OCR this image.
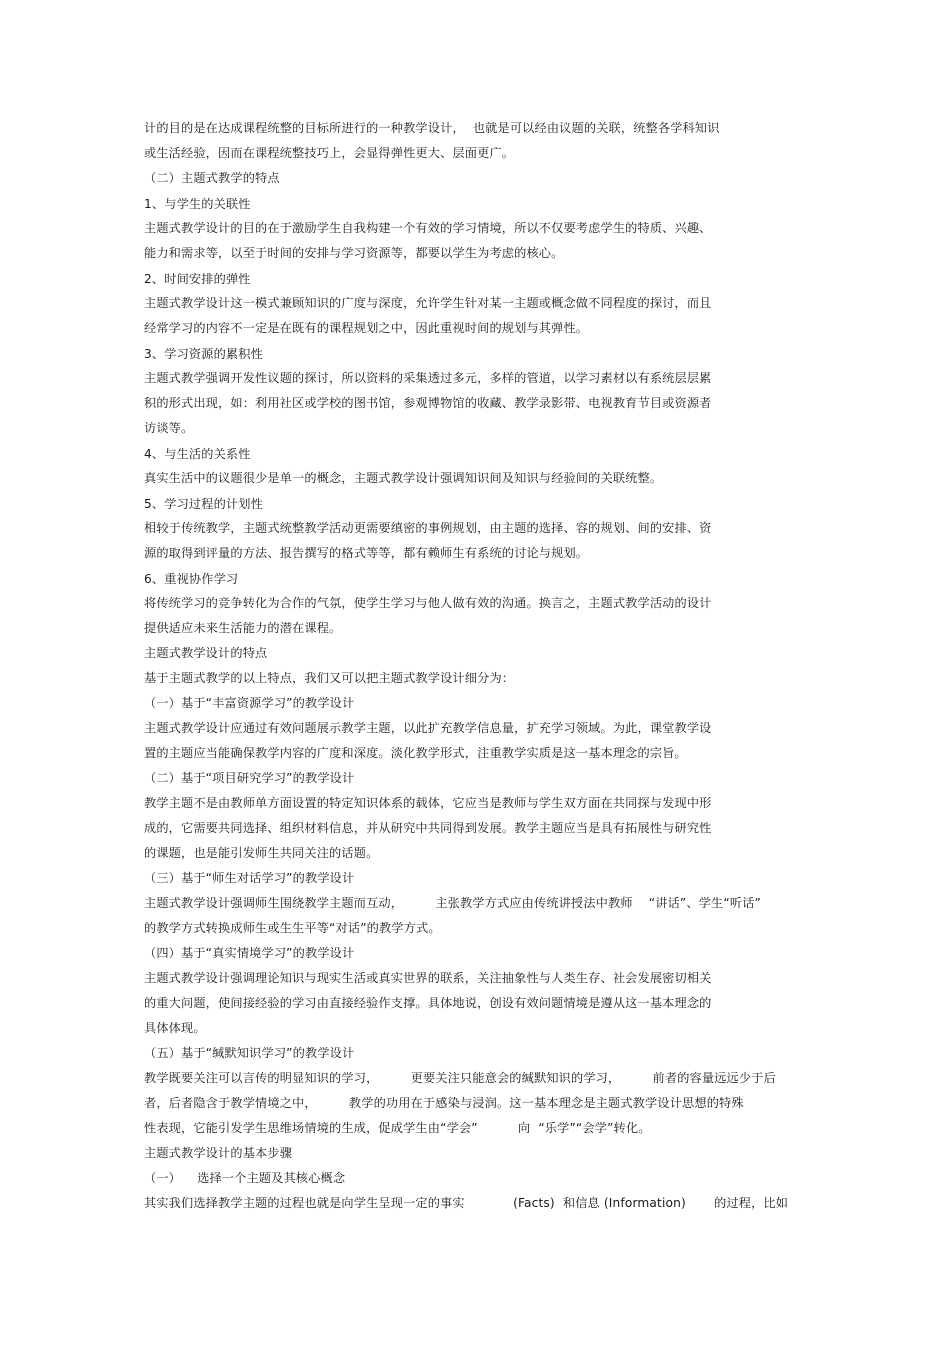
计的目的是在达成课程统整的目标所进行的一种教学设计，  也就是可以经由议题的关联，统整各学科知识
或生活经验，因而在课程统整技巧上，会显得弹性更大、层面更广。
（二）主题式教学的特点
1、与学生的关联性
主题式教学设计的目的在于激励学生自我构建一个有效的学习情境，所以不仅要考虑学生的特质、兴趣、
能力和需求等，以至于时间的安排与学习资源等，都要以学生为考虑的核心。
2、时间安排的弹性
主题式教学设计这一模式兼顾知识的广度与深度，允许学生针对某一主题或概念做不同程度的探讨，而且
经常学习的内容不一定是在既有的课程规划之中，因此重视时间的规划与其弹性。
3、学习资源的累积性
主题式教学强调开发性议题的探讨，所以资料的采集透过多元，多样的管道，以学习素材以有系统层层累
积的形式出现，如：利用社区或学校的图书馆，参观博物馆的收藏、教学录影带、电视教育节目或资源者
访谈等。
4、与生活的关系性
真实生活中的议题很少是单一的概念，主题式教学设计强调知识间及知识与经验间的关联统整。
5、学习过程的计划性
相较于传统教学，主题式统整教学活动更需要缜密的事例规划，由主题的选择、容的规划、间的安排、资
源的取得到评量的方法、报告撰写的格式等等，都有赖师生有系统的讨论与规划。
6、重视协作学习
将传统学习的竞争转化为合作的气氛，使学生学习与他人做有效的沟通。换言之，主题式教学活动的设计
提供适应未来生活能力的潜在课程。
主题式教学设计的特点
基于主题式教学的以上特点，我们又可以把主题式教学设计细分为：
（一）基于“丰富资源学习”的教学设计
主题式教学设计应通过有效问题展示教学主题，以此扩充教学信息量，扩充学习领域。为此，课堂教学设
置的主题应当能确保教学内容的广度和深度。淡化教学形式，注重教学实质是这一基本理念的宗旨。
（二）基于“项目研究学习”的教学设计
教学主题不是由教师单方面设置的特定知识体系的载体，它应当是教师与学生双方面在共同探与发现中形
成的，它需要共同选择、组织材料信息，并从研究中共同得到发展。教学主题应当是具有拓展性与研究性
的课题，也是能引发师生共同关注的话题。
（三）基于“师生对话学习”的教学设计
主题式教学设计强调师生围绕教学主题而互动，        主张教学方式应由传统讲授法中教师    “讲话”、学生“听话”
的教学方式转换成师生或生生平等“对话”的教学方式。
（四）基于“真实情境学习”的教学设计
主题式教学设计强调理论知识与现实生活或真实世界的联系，关注抽象性与人类生存、社会发展密切相关
的重大问题，使间接经验的学习由直接经验作支撑。具体地说，创设有效问题情境是遵从这一基本理念的
具体体现。
（五）基于“缄默知识学习”的教学设计
教学既要关注可以言传的明显知识的学习，        更要关注只能意会的缄默知识的学习，        前者的容量远远少于后
者，后者隐含于教学情境之中，        教学的功用在于感染与浸润。这一基本理念是主题式教学设计思想的特殊
性表现，它能引发学生思维场情境的生成，促成学生由“学会”          向  “乐学”“会学”转化。
主题式教学设计的基本步骤
（一）    选择一个主题及其核心概念
其实我们选择教学主题的过程也就是向学生呈现一定的事实            (Facts)  和信息 (Information)       的过程，比如
